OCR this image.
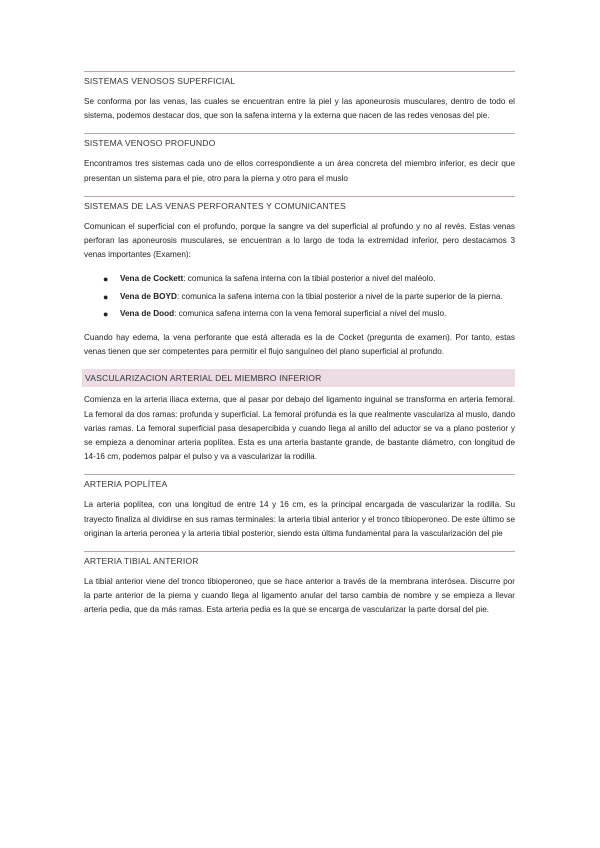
SISTEMAS VENOSOS SUPERFICIAL

Se conforma por las venas, las cuales se encuentran entre la piel y las aponeurosis musculares, dentro de todo el sistema, podemos destacar dos, que son la safena interna y la externa que nacen de las redes venosas del pie.

SISTEMA VENOSO PROFUNDO

Encontramos tres sistemas cada uno de ellos correspondiente a un área concreta del miembro inferior, es decir que presentan un sistema para el pie, otro para la pierna y otro para el muslo

SISTEMAS DE LAS VENAS PERFORANTES Y COMUNICANTES

Comunican el superficial con el profundo, porque la sangre va del superficial al profundo y no al revés. Estas venas perforan las aponeurosis musculares, se encuentran a lo largo de toda la extremidad inferior, pero destacamos 3 venas importantes (Examen):

● Vena de Cockett: comunica la safena interna con la tibial posterior a nivel del maléolo.
● Vena de BOYD: comunica la safena interna con la tibial posterior a nivel de la parte superior de la pierna.
● Vena de Dood: comunica safena interna con la vena femoral superficial a nivel del muslo.

Cuando hay edema, la vena perforante que está alterada es la de Cocket (pregunta de examen). Por tanto, estas venas tienen que ser competentes para permitir el flujo sanguíneo del plano superficial al profundo.

VASCULARIZACION ARTERIAL DEL MIEMBRO INFERIOR

Comienza en la arteria iliaca externa, que al pasar por debajo del ligamento inguinal se transforma en arteria femoral. La femoral da dos ramas: profunda y superficial. La femoral profunda es la que realmente vasculariza al muslo, dando varias ramas. La femoral superficial pasa desapercibida y cuando llega al anillo del aductor se va a plano posterior y se empieza a denominar arteria poplítea. Esta es una arteria bastante grande, de bastante diámetro, con longitud de 14-16 cm, podemos palpar el pulso y va a vascularizar la rodilla.

ARTERIA POPLÍTEA

La arteria poplítea, con una longitud de entre 14 y 16 cm, es la principal encargada de vascularizar la rodilla. Su trayecto finaliza al dividirse en sus ramas terminales: la arteria tibial anterior y el tronco tibioperoneo. De este último se originan la arteria peronea y la arteria tibial posterior, siendo esta última fundamental para la vascularización del pie

ARTERIA TIBIAL ANTERIOR

La tibial anterior viene del tronco tibioperoneo, que se hace anterior a través de la membrana interósea. Discurre por la parte anterior de la pierna y cuando llega al ligamento anular del tarso cambia de nombre y se empieza a llevar arteria pedia, que da más ramas. Esta arteria pedia es la que se encarga de vascularizar la parte dorsal del pie.
